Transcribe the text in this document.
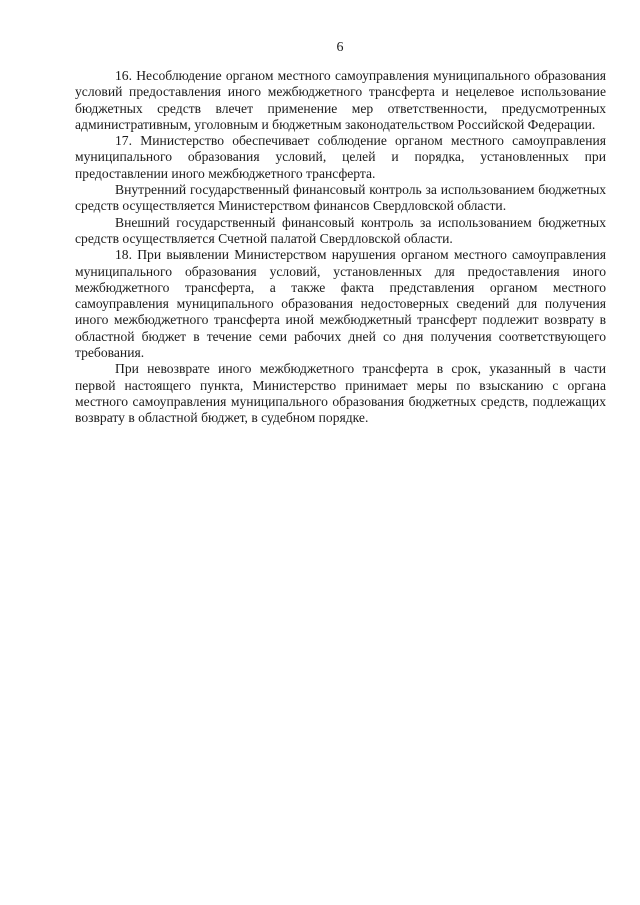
6

16. Несоблюдение органом местного самоуправления муниципального образования условий предоставления иного межбюджетного трансферта и нецелевое использование бюджетных средств влечет применение мер ответственности, предусмотренных административным, уголовным и бюджетным законодательством Российской Федерации.

17. Министерство обеспечивает соблюдение органом местного самоуправления муниципального образования условий, целей и порядка, установленных при предоставлении иного межбюджетного трансферта.

Внутренний государственный финансовый контроль за использованием бюджетных средств осуществляется Министерством финансов Свердловской области.

Внешний государственный финансовый контроль за использованием бюджетных средств осуществляется Счетной палатой Свердловской области.

18. При выявлении Министерством нарушения органом местного самоуправления муниципального образования условий, установленных для предоставления иного межбюджетного трансферта, а также факта представления органом местного самоуправления муниципального образования недостоверных сведений для получения иного межбюджетного трансферта иной межбюджетный трансферт подлежит возврату в областной бюджет в течение семи рабочих дней со дня получения соответствующего требования.

При невозврате иного межбюджетного трансферта в срок, указанный в части первой настоящего пункта, Министерство принимает меры по взысканию с органа местного самоуправления муниципального образования бюджетных средств, подлежащих возврату в областной бюджет, в судебном порядке.
